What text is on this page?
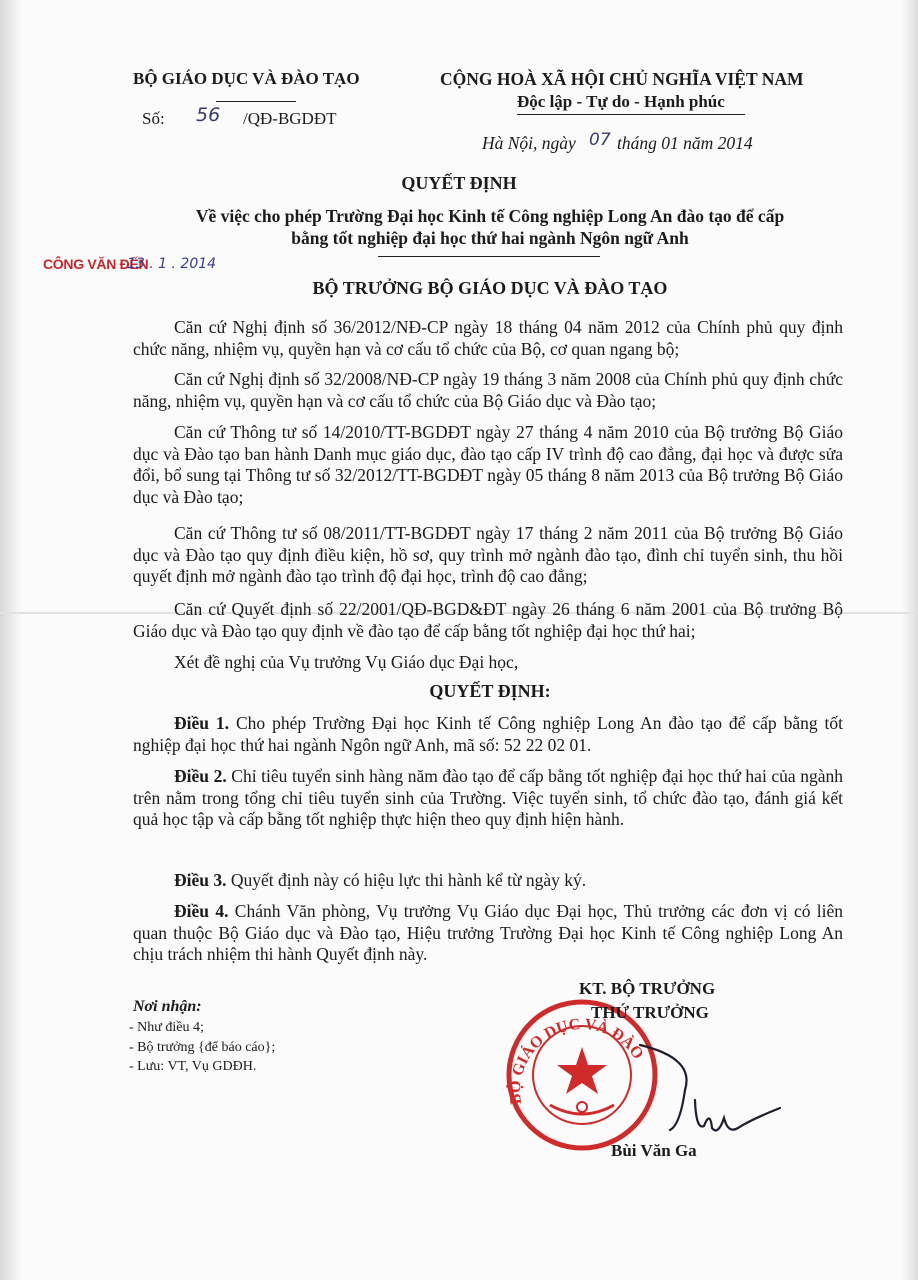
BỘ GIÁO DỤC VÀ ĐÀO TẠO
Số: 56 /QĐ-BGDĐT
CỘNG HOÀ XÃ HỘI CHỦ NGHĨA VIỆT NAM
Độc lập - Tự do - Hạnh phúc
Hà Nội, ngày 07 tháng 01 năm 2014
QUYẾT ĐỊNH
Về việc cho phép Trường Đại học Kinh tế Công nghiệp Long An đào tạo để cấp
bằng tốt nghiệp đại học thứ hai ngành Ngôn ngữ Anh
CÔNG VĂN ĐẾN
13 . 1 . 2014
BỘ TRƯỞNG BỘ GIÁO DỤC VÀ ĐÀO TẠO
Căn cứ Nghị định số 36/2012/NĐ-CP ngày 18 tháng 04 năm 2012 của Chính phủ quy định chức năng, nhiệm vụ, quyền hạn và cơ cấu tổ chức của Bộ, cơ quan ngang bộ;
Căn cứ Nghị định số 32/2008/NĐ-CP ngày 19 tháng 3 năm 2008 của Chính phủ quy định chức năng, nhiệm vụ, quyền hạn và cơ cấu tổ chức của Bộ Giáo dục và Đào tạo;
Căn cứ Thông tư số 14/2010/TT-BGDĐT ngày 27 tháng 4 năm 2010 của Bộ trưởng Bộ Giáo dục và Đào tạo ban hành Danh mục giáo dục, đào tạo cấp IV trình độ cao đẳng, đại học và được sửa đổi, bổ sung tại Thông tư số 32/2012/TT-BGDĐT ngày 05 tháng 8 năm 2013 của Bộ trưởng Bộ Giáo dục và Đào tạo;
Căn cứ Thông tư số 08/2011/TT-BGDĐT ngày 17 tháng 2 năm 2011 của Bộ trưởng Bộ Giáo dục và Đào tạo quy định điều kiện, hồ sơ, quy trình mở ngành đào tạo, đình chỉ tuyển sinh, thu hồi quyết định mở ngành đào tạo trình độ đại học, trình độ cao đẳng;
Căn cứ Quyết định số 22/2001/QĐ-BGD&ĐT ngày 26 tháng 6 năm 2001 của Bộ trưởng Bộ Giáo dục và Đào tạo quy định về đào tạo để cấp bằng tốt nghiệp đại học thứ hai;
Xét đề nghị của Vụ trưởng Vụ Giáo dục Đại học,
QUYẾT ĐỊNH:
Điều 1. Cho phép Trường Đại học Kinh tế Công nghiệp Long An đào tạo để cấp bằng tốt nghiệp đại học thứ hai ngành Ngôn ngữ Anh, mã số: 52 22 02 01.
Điều 2. Chỉ tiêu tuyển sinh hàng năm đào tạo để cấp bằng tốt nghiệp đại học thứ hai của ngành trên nằm trong tổng chỉ tiêu tuyển sinh của Trường. Việc tuyển sinh, tổ chức đào tạo, đánh giá kết quả học tập và cấp bằng tốt nghiệp thực hiện theo quy định hiện hành.
Điều 3. Quyết định này có hiệu lực thi hành kể từ ngày ký.
Điều 4. Chánh Văn phòng, Vụ trưởng Vụ Giáo dục Đại học, Thủ trưởng các đơn vị có liên quan thuộc Bộ Giáo dục và Đào tạo, Hiệu trưởng Trường Đại học Kinh tế Công nghiệp Long An chịu trách nhiệm thi hành Quyết định này.
Nơi nhận:
- Như điều 4;
- Bộ trưởng {để báo cáo};
- Lưu: VT, Vụ GDĐH.
BỘ GIÁO DỤC VÀ ĐÀO
KT. BỘ TRƯỞNG
THỨ TRƯỞNG
Bùi Văn Ga
